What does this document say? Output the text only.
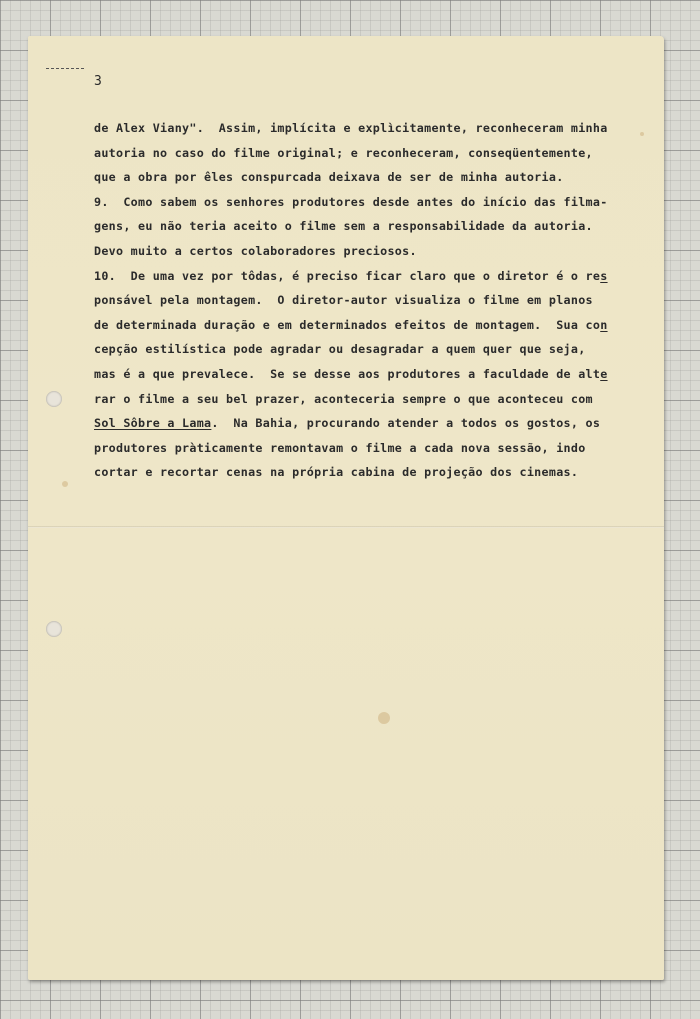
3
de Alex Viany".  Assim, implícita e explìcitamente, reconheceram minha
autoria no caso do filme original; e reconheceram, conseqüentemente,
que a obra por êles conspurcada deixava de ser de minha autoria.
9.  Como sabem os senhores produtores desde antes do início das filma-
gens, eu não teria aceito o filme sem a responsabilidade da autoria.
Devo muito a certos colaboradores preciosos.
10.  De uma vez por tôdas, é preciso ficar claro que o diretor é o res
ponsável pela montagem.  O diretor-autor visualiza o filme em planos
de determinada duração e em determinados efeitos de montagem.  Sua con
cepção estilística pode agradar ou desagradar a quem quer que seja,
mas é a que prevalece.  Se se desse aos produtores a faculdade de alte
rar o filme a seu bel prazer, aconteceria sempre o que aconteceu com
Sol Sôbre a Lama.  Na Bahia, procurando atender a todos os gostos, os
produtores pràticamente remontavam o filme a cada nova sessão, indo
cortar e recortar cenas na própria cabina de projeção dos cinemas.
